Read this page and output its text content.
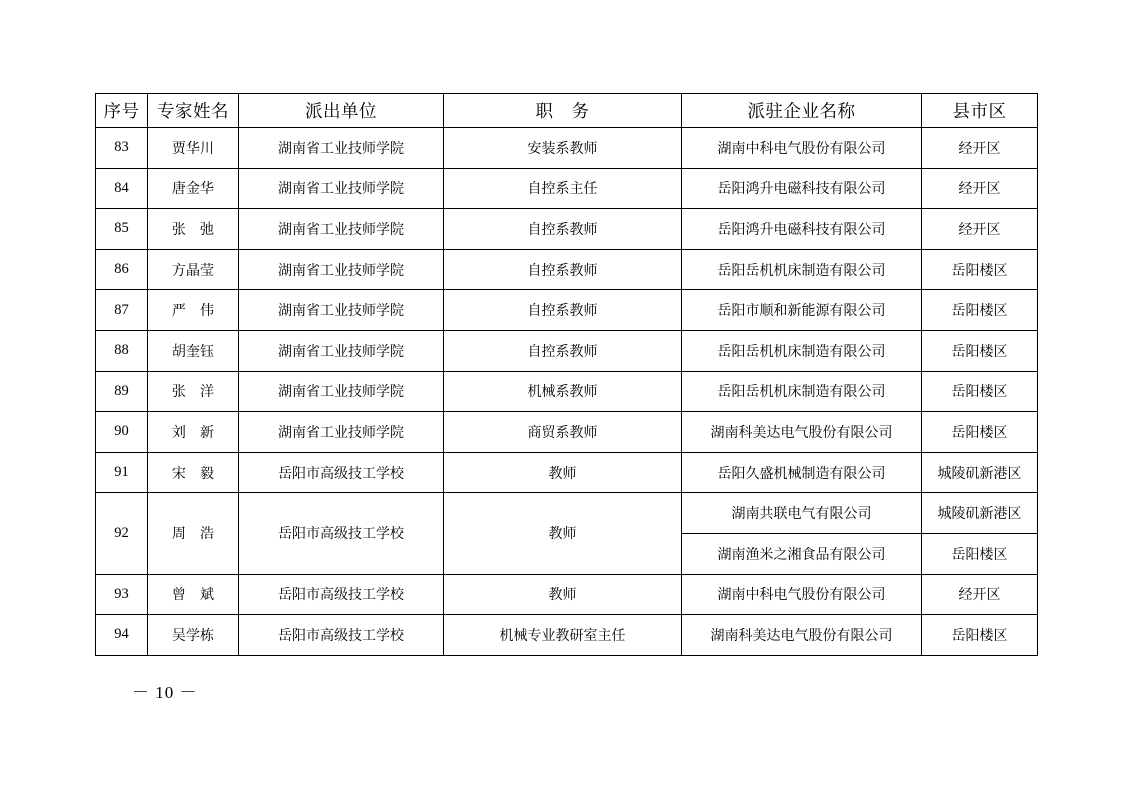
序号	专家姓名	派出单位	职　务	派驻企业名称	县市区
83	贾华川	湖南省工业技师学院	安装系教师	湖南中科电气股份有限公司	经开区
84	唐金华	湖南省工业技师学院	自控系主任	岳阳鸿升电磁科技有限公司	经开区
85	张　弛	湖南省工业技师学院	自控系教师	岳阳鸿升电磁科技有限公司	经开区
86	方晶莹	湖南省工业技师学院	自控系教师	岳阳岳机机床制造有限公司	岳阳楼区
87	严　伟	湖南省工业技师学院	自控系教师	岳阳市顺和新能源有限公司	岳阳楼区
88	胡奎钰	湖南省工业技师学院	自控系教师	岳阳岳机机床制造有限公司	岳阳楼区
89	张　洋	湖南省工业技师学院	机械系教师	岳阳岳机机床制造有限公司	岳阳楼区
90	刘　新	湖南省工业技师学院	商贸系教师	湖南科美达电气股份有限公司	岳阳楼区
91	宋　毅	岳阳市高级技工学校	教师	岳阳久盛机械制造有限公司	城陵矶新港区
92	周　浩	岳阳市高级技工学校	教师	湖南共联电气有限公司	城陵矶新港区
				湖南渔米之湘食品有限公司	岳阳楼区
93	曾　斌	岳阳市高级技工学校	教师	湖南中科电气股份有限公司	经开区
94	吴学栋	岳阳市高级技工学校	机械专业教研室主任	湖南科美达电气股份有限公司	岳阳楼区
－ 10 －
